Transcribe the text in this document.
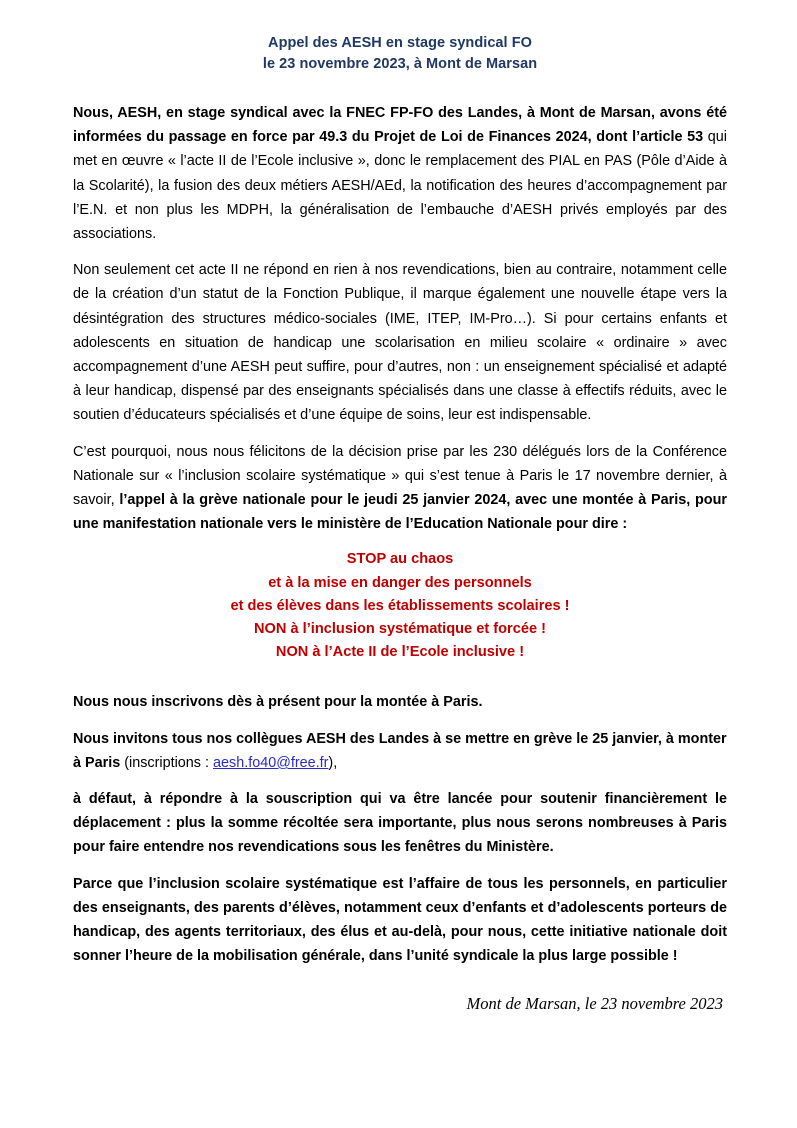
Appel des AESH en stage syndical FO
le 23 novembre 2023, à Mont de Marsan

Nous, AESH, en stage syndical avec la FNEC FP-FO des Landes, à Mont de Marsan, avons été informées du passage en force par 49.3 du Projet de Loi de Finances 2024, dont l’article 53 qui met en œuvre « l’acte II de l’Ecole inclusive », donc le remplacement des PIAL en PAS (Pôle d’Aide à la Scolarité), la fusion des deux métiers AESH/AEd, la notification des heures d’accompagnement par l’E.N. et non plus les MDPH, la généralisation de l’embauche d’AESH privés employés par des associations.

Non seulement cet acte II ne répond en rien à nos revendications, bien au contraire, notamment celle de la création d’un statut de la Fonction Publique, il marque également une nouvelle étape vers la désintégration des structures médico-sociales (IME, ITEP, IM-Pro…). Si pour certains enfants et adolescents en situation de handicap une scolarisation en milieu scolaire « ordinaire » avec accompagnement d’une AESH peut suffire, pour d’autres, non : un enseignement spécialisé et adapté à leur handicap, dispensé par des enseignants spécialisés dans une classe à effectifs réduits, avec le soutien d’éducateurs spécialisés et d’une équipe de soins, leur est indispensable.

C’est pourquoi, nous nous félicitons de la décision prise par les 230 délégués lors de la Conférence Nationale sur « l’inclusion scolaire systématique » qui s’est tenue à Paris le 17 novembre dernier, à savoir, l’appel à la grève nationale pour le jeudi 25 janvier 2024, avec une montée à Paris, pour une manifestation nationale vers le ministère de l’Education Nationale pour dire :

STOP au chaos
et à la mise en danger des personnels
et des élèves dans les établissements scolaires !
NON à l’inclusion systématique et forcée !
NON à l’Acte II de l’Ecole inclusive !

Nous nous inscrivons dès à présent pour la montée à Paris.

Nous invitons tous nos collègues AESH des Landes à se mettre en grève le 25 janvier, à monter à Paris (inscriptions : aesh.fo40@free.fr),

à défaut, à répondre à la souscription qui va être lancée pour soutenir financièrement le déplacement : plus la somme récoltée sera importante, plus nous serons nombreuses à Paris pour faire entendre nos revendications sous les fenêtres du Ministère.

Parce que l’inclusion scolaire systématique est l’affaire de tous les personnels, en particulier des enseignants, des parents d’élèves, notamment ceux d’enfants et d’adolescents porteurs de handicap, des agents territoriaux, des élus et au-delà, pour nous, cette initiative nationale doit sonner l’heure de la mobilisation générale, dans l’unité syndicale la plus large possible !

Mont de Marsan, le 23 novembre 2023
